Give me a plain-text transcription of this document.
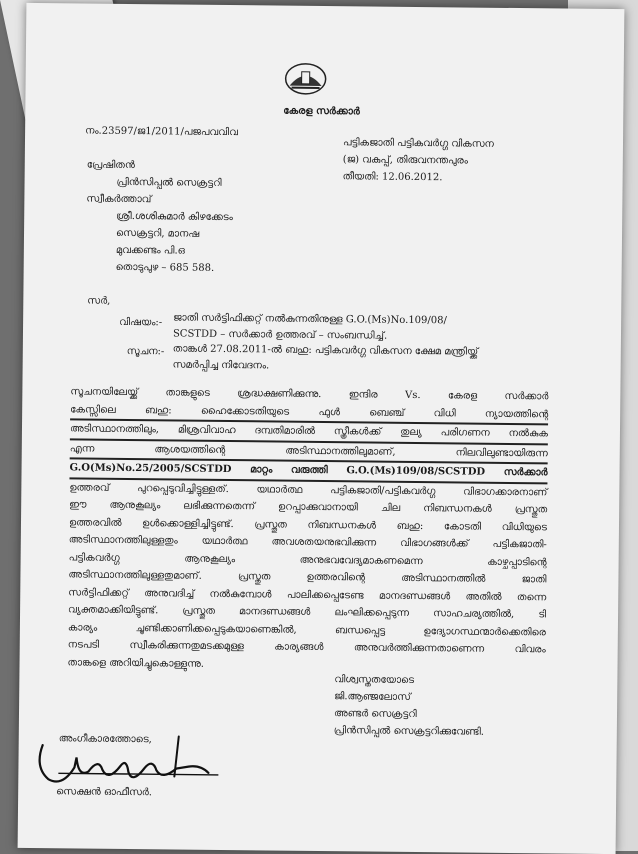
കേരള സർക്കാർ
നം.23597/ജ1/2011/പജപവവിവ
പട്ടികജാതി പട്ടികവർഗ്ഗ വികസന
(ജ) വകുപ്പ്, തിരുവനന്തപുരം
തീയതി: 12.06.2012.
പ്രേഷിതൻ
പ്രിൻസിപ്പൽ സെക്രട്ടറി
സ്വീകർത്താവ്
ശ്രീ.ശശികുമാർ കിഴക്കേടം
സെക്രട്ടറി, മാനഷ
മുവക്കണ്ടം പി.ഒ
തൊടുപുഴ – 685 588.
സർ,
വിഷയം:- ജാതി സർട്ടിഫിക്കറ്റ് നൽകുന്നതിനുള്ള G.O.(Ms)No.109/08/
SCSTDD – സർക്കാർ ഉത്തരവ് – സംബന്ധിച്ച്.
സൂചന:- താങ്കൾ 27.08.2011-ൽ ബഹു: പട്ടികവർഗ്ഗ വികസന ക്ഷേമ മന്ത്രിയ്ക്ക്
സമർപ്പിച്ച നിവേദനം.
സൂചനയിലേയ്ക്ക് താങ്കളുടെ ശ്രദ്ധക്ഷണിക്കുന്നു. ഇന്ദിര Vs. കേരള സർക്കാർ
കേസ്സിലെ ബഹു: ഹൈക്കോടതിയുടെ ഫുൾ ബെഞ്ച് വിധി ന്യായത്തിന്റെ
അടിസ്ഥാനത്തിലും, മിശ്രവിവാഹ ദമ്പതിമാരിൽ സ്ത്രീകൾക്ക് തുല്യ പരിഗണന നൽകുക
എന്ന ആശയത്തിന്റെ അടിസ്ഥാനത്തിലുമാണ്, നിലവിലുണ്ടായിരുന്ന
G.O(Ms)No.25/2005/SCSTDD മാറ്റം വരുത്തി G.O.(Ms)109/08/SCSTDD സർക്കാർ
ഉത്തരവ് പുറപ്പെടുവിച്ചിട്ടുള്ളത്. യഥാർത്ഥ പട്ടികജാതി/പട്ടികവർഗ്ഗ വിഭാഗക്കാരനാണ്
ഈ ആനുകൂല്യം ലഭിക്കുന്നതെന്ന് ഉറപ്പാക്കുവാനായി ചില നിബന്ധനകൾ പ്രസ്തുത
ഉത്തരവിൽ ഉൾക്കൊള്ളിച്ചിട്ടുണ്ട്. പ്രസ്തുത നിബന്ധനകൾ ബഹു: കോടതി വിധിയുടെ
അടിസ്ഥാനത്തിലുള്ളതും യഥാർത്ഥ അവശതയനുഭവിക്കുന്ന വിഭാഗങ്ങൾക്ക് പട്ടികജാതി-
പട്ടികവർഗ്ഗ ആനുകൂല്യം അനുഭവവേദ്യമാകണമെന്ന കാഴ്ചപ്പാടിന്റെ
അടിസ്ഥാനത്തിലുള്ളതുമാണ്. പ്രസ്തുത ഉത്തരവിന്റെ അടിസ്ഥാനത്തിൽ ജാതി
സർട്ടിഫിക്കറ്റ് അനുവദിച്ച് നൽകുമ്പോൾ പാലിക്കപ്പെടേണ്ട മാനദണ്ഡങ്ങൾ അതിൽ തന്നെ
വ്യക്തമാക്കിയിട്ടുണ്ട്. പ്രസ്തുത മാനദണ്ഡങ്ങൾ ലംഘിക്കപ്പെടുന്ന സാഹചര്യത്തിൽ, ടി
കാര്യം ചൂണ്ടിക്കാണിക്കപ്പെടുകയാണെങ്കിൽ, ബന്ധപ്പെട്ട ഉദ്യോഗസ്ഥന്മാർക്കെതിരെ
നടപടി സ്വീകരിക്കുന്നതുമടക്കമുള്ള കാര്യങ്ങൾ അനുവർത്തിക്കുന്നതാണെന്ന വിവരം
താങ്കളെ അറിയിച്ചുകൊള്ളുന്നു.
വിശ്വസ്തതയോടെ
ജി.ആഞ്ജലോസ്
അണ്ടർ സെക്രട്ടറി
പ്രിൻസിപ്പൽ സെക്രട്ടറിക്കുവേണ്ടി.
അംഗീകാരത്തോടെ,
സെക്ഷൻ ഓഫീസർ.
